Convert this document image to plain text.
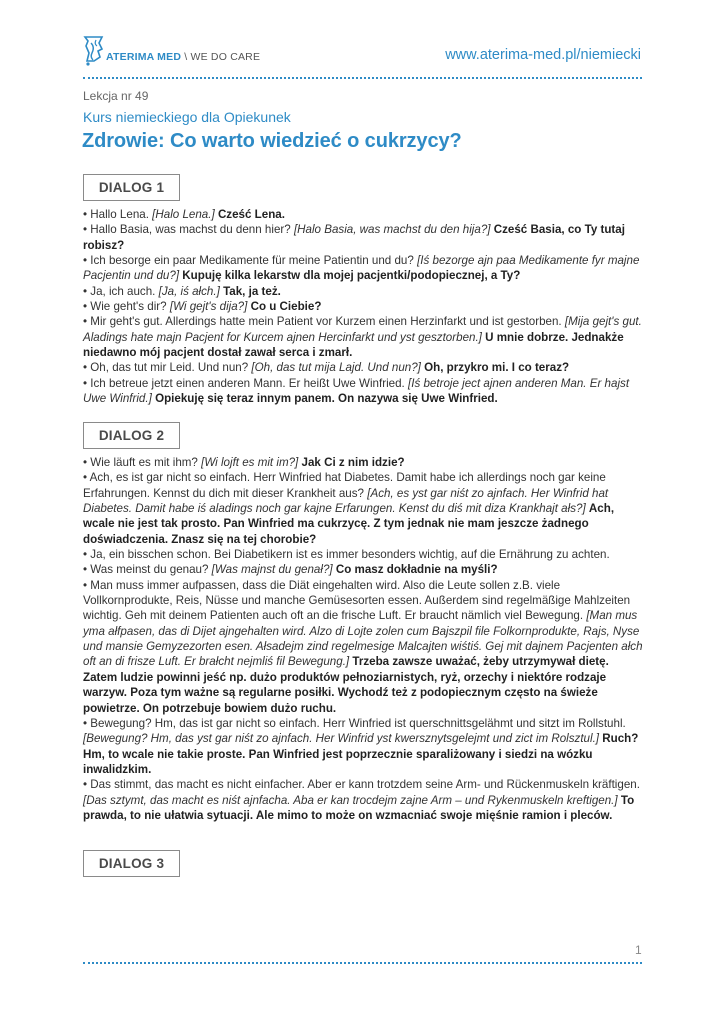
ATERIMA MED \ WE DO CARE	www.aterima-med.pl/niemiecki
Lekcja nr 49
Kurs niemieckiego dla Opiekunek
Zdrowie: Co warto wiedzieć o cukrzycy?
DIALOG 1

• Hallo Lena. [Halo Lena.] Cześć Lena.

• Hallo Basia, was machst du denn hier? [Halo Basia, was machst du den hija?] Cześć Basia, co Ty tutaj robisz?

• Ich besorge ein paar Medikamente für meine Patientin und du? [Iś bezorge ajn paa Medikamente fyr majne Pacjentin und du?] Kupuję kilka lekarstw dla mojej pacjentki/podopiecznej, a Ty?

• Ja, ich auch. [Ja, iś ałch.] Tak, ja też.

• Wie geht's dir? [Wi gejt's dija?] Co u Ciebie?

• Mir geht's gut. Allerdings hatte mein Patient vor Kurzem einen Herzinfarkt und ist gestorben. [Mija gejt's gut. Aladings hate majn Pacjent for Kurcem ajnen Hercinfarkt und yst gesztorben.] U mnie dobrze. Jednakże niedawno mój pacjent dostał zawał serca i zmarł.

• Oh, das tut mir Leid. Und nun? [Oh, das tut mija Lajd. Und nun?] Oh, przykro mi. I co teraz?

• Ich betreue jetzt einen anderen Mann. Er heißt Uwe Winfried. [Iś betroje ject ajnen anderen Man. Er hajst Uwe Winfrid.] Opiekuję się teraz innym panem. On nazywa się Uwe Winfried.

DIALOG 2

• Wie läuft es mit ihm? [Wi lojft es mit im?] Jak Ci z nim idzie?

• Ach, es ist gar nicht so einfach. Herr Winfried hat Diabetes. Damit habe ich allerdings noch gar keine Erfahrungen. Kennst du dich mit dieser Krankheit aus? [Ach, es yst gar niśt zo ajnfach. Her Winfrid hat Diabetes. Damit habe iś aladings noch gar kajne Erfarungen. Kenst du diś mit diza Krankhajt ałs?] Ach, wcale nie jest tak prosto. Pan Winfried ma cukrzycę. Z tym jednak nie mam jeszcze żadnego doświadczenia. Znasz się na tej chorobie?

• Ja, ein bisschen schon. Bei Diabetikern ist es immer besonders wichtig, auf die Ernährung zu achten.

• Was meinst du genau? [Was majnst du genał?] Co masz dokładnie na myśli?

• Man muss immer aufpassen, dass die Diät eingehalten wird. Also die Leute sollen z.B. viele Vollkornprodukte, Reis, Nüsse und manche Gemüsesorten essen. Außerdem sind regelmäßige Mahlzeiten wichtig. Geh mit deinem Patienten auch oft an die frische Luft. Er braucht nämlich viel Bewegung. [Man mus yma ałfpasen, das di Dijet ajngehalten wird. Alzo di Lojte zolen cum Bajszpil file Folkornprodukte, Rajs, Nyse und mansie Gemyzezorten esen. Ałsadejm zind regelmesige Malcajten wiśtiś. Gej mit dajnem Pacjenten ałch oft an di frisze Luft. Er brałcht nejmliś fil Bewegung.] Trzeba zawsze uważać, żeby utrzymywał dietę. Zatem ludzie powinni jeść np. dużo produktów pełnoziarnistych, ryż, orzechy i niektóre rodzaje warzyw. Poza tym ważne są regularne posiłki. Wychodź też z podopiecznym często na świeże powietrze. On potrzebuje bowiem dużo ruchu.

• Bewegung? Hm, das ist gar nicht so einfach. Herr Winfried ist querschnittsgelähmt und sitzt im Rollstuhl. [Bewegung? Hm, das yst gar niśt zo ajnfach. Her Winfrid yst kwersznytsgelejmt und zict im Rolsztul.] Ruch? Hm, to wcale nie takie proste. Pan Winfried jest poprzecznie sparaliżowany i siedzi na wózku inwalidzkim.

• Das stimmt, das macht es nicht einfacher. Aber er kann trotzdem seine Arm- und Rückenmuskeln kräftigen. [Das sztymt, das macht es niśt ajnfacha. Aba er kan trocdejm zajne Arm – und Rykenmuskeln kreftigen.] To prawda, to nie ułatwia sytuacji. Ale mimo to może on wzmacniać swoje mięśnie ramion i pleców.

DIALOG 3
1
